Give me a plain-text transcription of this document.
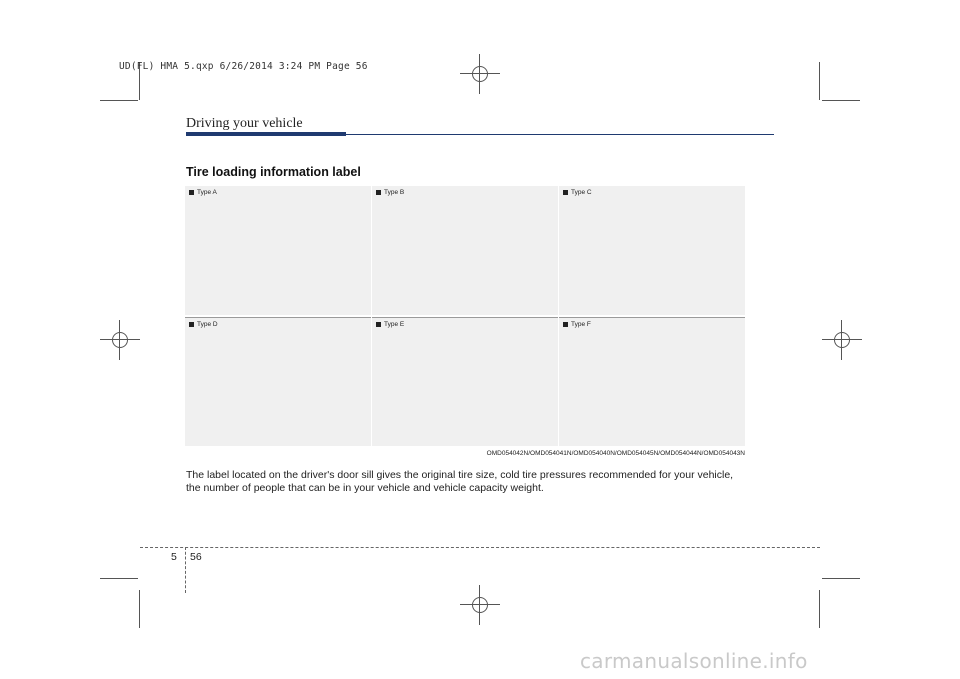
UD(FL) HMA 5.qxp 6/26/2014 3:24 PM Page 56
Driving your vehicle
Tire loading information label
Type A	Type B	Type C
Type D	Type E	Type F
OMD054042N/OMD054041N/OMD054040N/OMD054045N/OMD054044N/OMD054043N
The label located on the driver's door sill gives the original tire size, cold tire pressures recommended for your vehicle, the number of people that can be in your vehicle and vehicle capacity weight.
5 56
carmanualsonline.info
